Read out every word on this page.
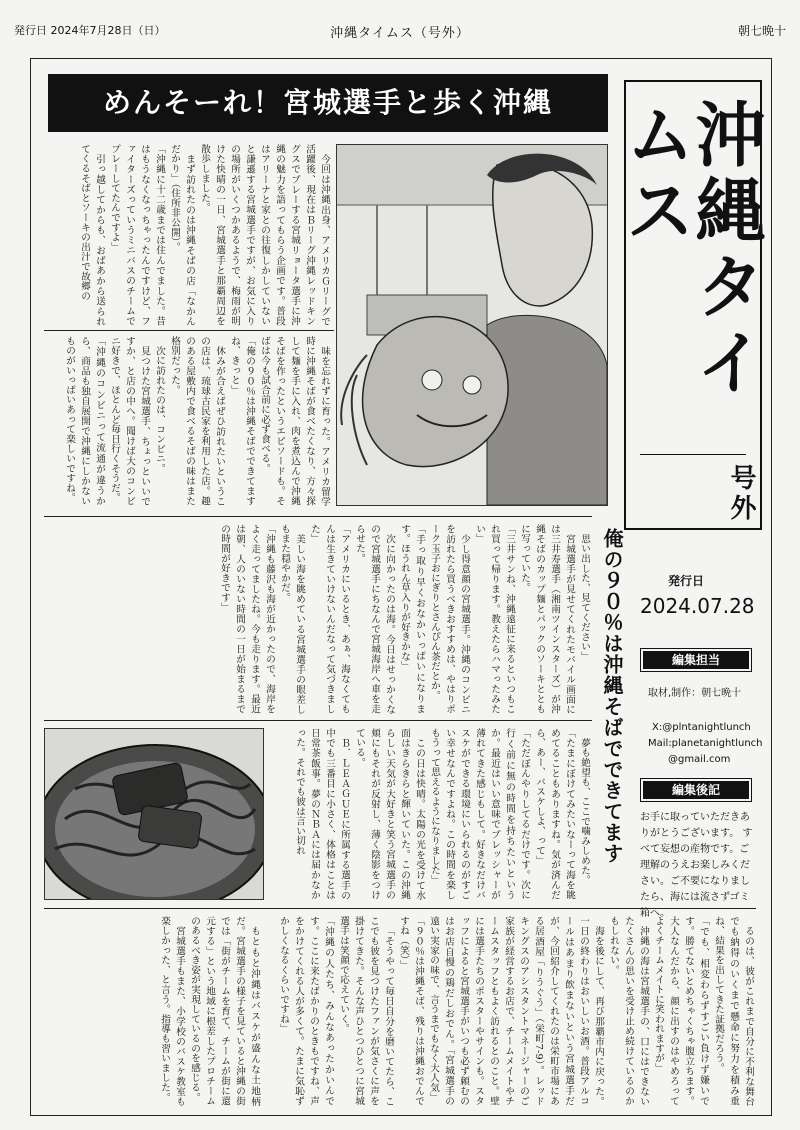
発行日 2024年7月28日（日）	沖縄タイムス（号外）	朝七晩十
めんそーれ！宮城選手と歩く沖縄	沖縄タイムス
号外

今回は沖縄出身、アメリカＧリーグで活躍後、現在はＢリーグ沖縄レッドキングスでプレーする宮城リョータ選手に沖縄の魅力を語ってもらう企画です。普段はアリーナと家との往復しかしていないと謙遜する宮城選手ですが、お気に入りの場所がいくつかあるようで、梅雨が明けた快晴の一日、宮城選手と那覇周辺を散歩しました。

まず訪れたのは沖縄そばの店「なかんだかり」（住所非公開）。

「沖縄に十二歳までは住んでました。昔はもうなくなっちゃったんですけど、ファイターズっていうミニバスのチームでプレーしてたんですよ」

引っ越してからも、おばあから送られてくるそばとソーキの出汁で故郷の

味を忘れずに育った。アメリカ留学時に沖縄そばが食べたくなり、方々探して麺を手に入れ、肉を煮込んで沖縄そばを作ったというエピソードも。そばは今も試合前に必ず食べる。

「俺の９０％は沖縄そばでできてますね、きっと」

休みが合えばぜひ訪れたいというこの店は、琉球古民家を利用した店。趣のある屋敷内で食べるそばの味はまた格別だった。

次に訪れたのは、コンビニ。

見つけた宮城選手、ちょっといいですか、と店の中へ。聞けば大のコンビニ好きで、ほとんど毎日行くそうだ。

「沖縄のコンビニって流通が違うから、商品も独自展開で沖縄にしかないものがいっぱいあって楽しいですね。

思い出した、見てください」

宮城選手が見せてくれたモバイル画面には三井寿選手（湘南ツインスターズ）が沖縄そばのカップ麺とパックのソーキとともに写っていた。

「三井サンね、沖縄遠征に来るといつもこれ買って帰ります。教えたらハマったみたい」

少し得意顔の宮城選手。沖縄のコンビニを訪れたら買うべきおすすめは、やはりポーク玉子おにぎりとさんぴん茶だとか。

「手っ取り早くおなかいっぱいになります。ほうれん草入りが好きかな」

次に向かったのは海。今日はせっかくなので宮城選手にちなんで宮城海岸へ車を走らせた。

「アメリカにいるとき、あぁ、海なくてもんは生きていけないんだなって気づきました」

美しい海を眺めている宮城選手の眼差しもまた穏やかだ。

「沖縄も藤沢も海が近かったので、海岸をよく走ってましたね。今も走ります。最近は朝、人のいない時間の一日が始まるまでの時間が好きです」

夢も絶望も、ここで噛みしめた。

「たまにぼけてみたいなーって海を眺めてることもありますね。気が済んだら、あー、バスケしよ、って」

「ただぼんやりしてるだけです。次に行く前に無の時間を持ちたいというか。最近はいい意味でプレッシャーが薄れてきた感じもして。好きなだけバスケができる環境にいられるのがすごい幸せなんですよね。この時間を楽しもうって思えるようになりました」

この日は快晴。太陽の光を受けて水面はきらきらと輝いていた。この沖縄らしい天気が大好きと笑う宮城選手の頬にもそれが反射し、薄く陰影をつけている。

Ｂ．ＬＥＡＧＵＥに所属する選手の中でも三番目に小さく、体格はことは日常茶飯事。夢のＮＢＡには届かなかった。それでも彼は言い切れ

るのは、彼がこれまで自分に不利な舞台でも納得のいくまで懸命に努力を積み重ね、結果を出してきた証拠だろう。

「でも、相変わらずすごい負けず嫌いです。勝てないとめちゃくちゃ腹立ちます。大人なんだから、顔に出すのはやめろってよくチームメイトに笑われますが」

沖縄の海は宮城選手の、口にはできないたくさんの思いを受け止め続けているのかもしれない。

海を後にして、再び那覇市内に戻った。一日の終わりはおいしいお酒。普段アルコールはあまり飲まないという宮城選手だが、今回紹介してくれたのは栄町市場にある居酒屋「りうぐう」（栄町7-9）。レッドキングスのアシスタントマネージャーのご家族が経営するお店で、チームメイトやチームスタッフともよく訪れるとのこと。壁には選手たちのポスターやサインも。スタッフによると宮城選手がいつも必ず頼むのはお店自慢の鶏だしおでん。「宮城選手の遠い実家の味で、言うまでもなく大人気」

「９０％は沖縄そば、残りは沖縄おでんですね（笑）」

「そうやって毎日自分を磨いてたら、ここでも彼を見つけたファンが気さくに声を掛けてきた。そんな声ひとつひとつに宮城選手は笑顔で応えていく。

「沖縄の人たち、みんなあったかいんです。ここに来たばかりのときもですね、声をかけてくれる人が多くて。たまに気恥ずかしくなるくらいですね」

もともと沖縄はバスケが盛んな土地柄だ。宮城選手の様子を見ていると沖縄の街では「街がチームを育て、チームが街に還元する」という地域に根差したプロチームのあるべき姿が実現しているのを感じる。

宮城選手もまた、小学校のバスケ教室も楽しかった、と言う。指導も習いました。

俺の９０％は沖縄そばでできてます	発行日
2024.07.28
編集担当
取材,制作：朝七晩十
X:@plntanightlunch
Mail:planetanightlunch
@gmail.com
編集後記
お手に取っていただきありがとうございます。 すべて妄想の産物です。ご理解のうえお楽しみください。ご不要になりましたら、海には流さずゴミ箱へ。
